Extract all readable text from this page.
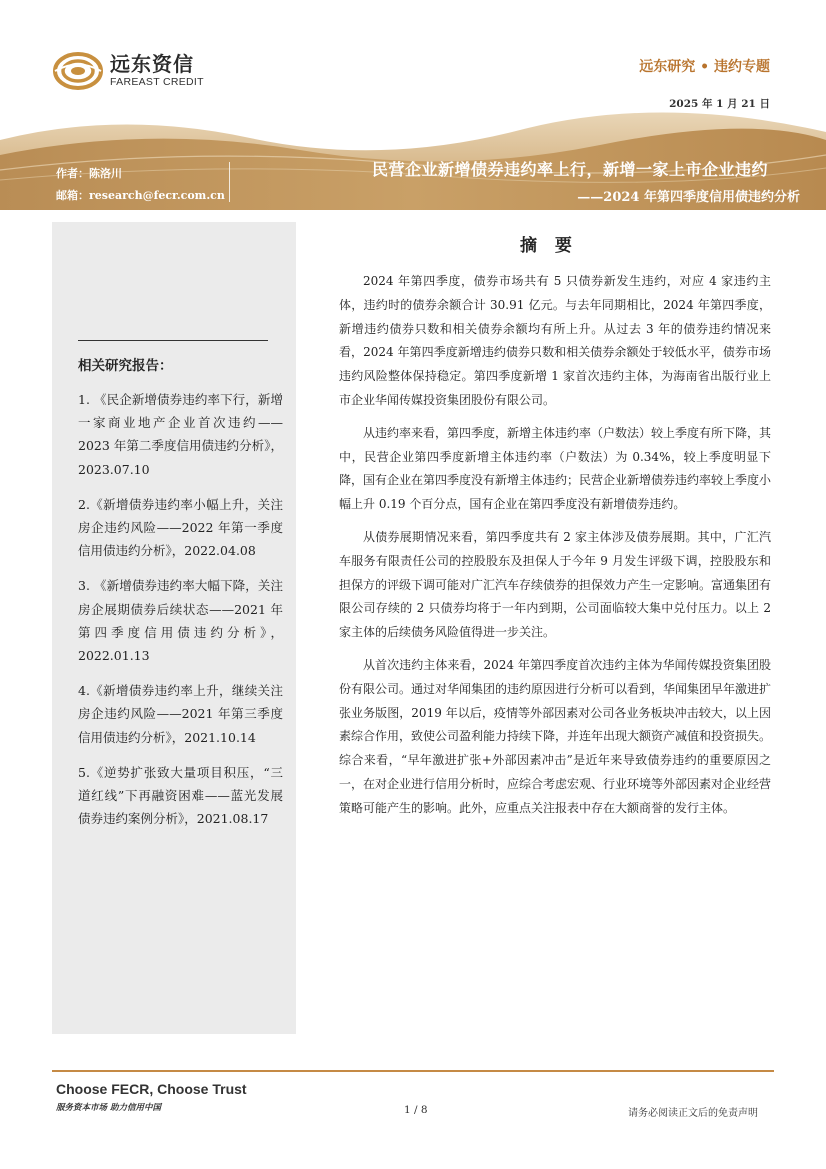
远东资信
FAREAST CREDIT
远东研究 • 违约专题
2025 年 1 月 21 日
作者：陈洛川
邮箱：research@fecr.com.cn
民营企业新增债券违约率上行，新增一家上市企业违约
——2024 年第四季度信用债违约分析
相关研究报告：
1. 《民企新增债券违约率下行，新增一家商业地产企业首次违约——2023 年第二季度信用债违约分析》，2023.07.10
2.《新增债券违约率小幅上升，关注房企违约风险——2022 年第一季度信用债违约分析》，2022.04.08
3. 《新增债券违约率大幅下降，关注房企展期债券后续状态——2021 年第四季度信用债违约分析》，2022.01.13
4.《新增债券违约率上升，继续关注房企违约风险——2021 年第三季度信用债违约分析》，2021.10.14
5.《逆势扩张致大量项目积压，“三道红线”下再融资困难——蓝光发展债券违约案例分析》，2021.08.17
摘 要

2024 年第四季度，债券市场共有 5 只债券新发生违约，对应 4 家违约主体，违约时的债券余额合计 30.91 亿元。与去年同期相比，2024 年第四季度，新增违约债券只数和相关债券余额均有所上升。从过去 3 年的债券违约情况来看，2024 年第四季度新增违约债券只数和相关债券余额处于较低水平，债券市场违约风险整体保持稳定。第四季度新增 1 家首次违约主体，为海南省出版行业上市企业华闻传媒投资集团股份有限公司。

从违约率来看，第四季度，新增主体违约率（户数法）较上季度有所下降，其中，民营企业第四季度新增主体违约率（户数法）为 0.34%，较上季度明显下降，国有企业在第四季度没有新增主体违约；民营企业新增债券违约率较上季度小幅上升 0.19 个百分点，国有企业在第四季度没有新增债券违约。

从债券展期情况来看，第四季度共有 2 家主体涉及债券展期。其中，广汇汽车服务有限责任公司的控股股东及担保人于今年 9 月发生评级下调，控股股东和担保方的评级下调可能对广汇汽车存续债券的担保效力产生一定影响。富通集团有限公司存续的 2 只债券均将于一年内到期，公司面临较大集中兑付压力。以上 2 家主体的后续债务风险值得进一步关注。

从首次违约主体来看，2024 年第四季度首次违约主体为华闻传媒投资集团股份有限公司。通过对华闻集团的违约原因进行分析可以看到，华闻集团早年激进扩张业务版图，2019 年以后，疫情等外部因素对公司各业务板块冲击较大，以上因素综合作用，致使公司盈利能力持续下降，并连年出现大额资产减值和投资损失。综合来看，“早年激进扩张+外部因素冲击”是近年来导致债券违约的重要原因之一，在对企业进行信用分析时，应综合考虑宏观、行业环境等外部因素对企业经营策略可能产生的影响。此外，应重点关注报表中存在大额商誉的发行主体。

Choose FECR, Choose Trust
服务资本市场 助力信用中国	1 / 8	请务必阅读正文后的免责声明
